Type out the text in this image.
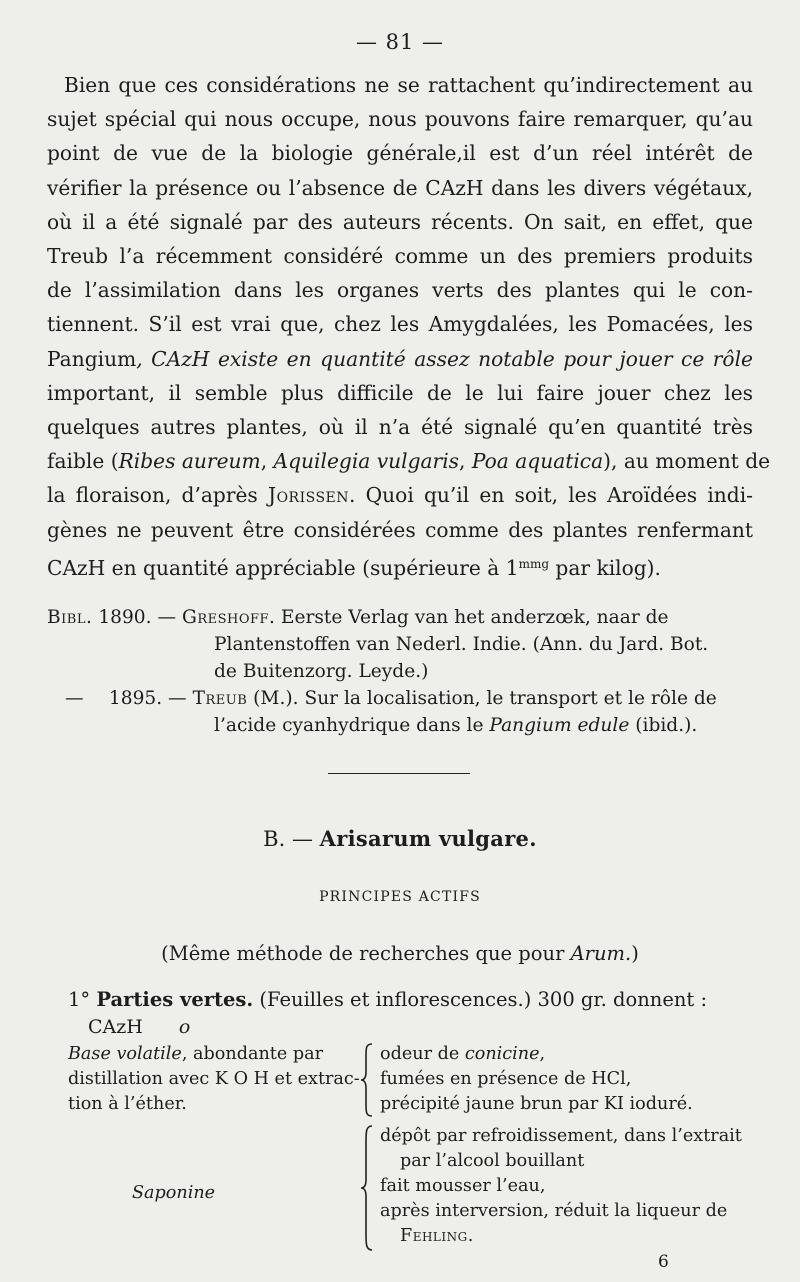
— 81 —
Bien que ces considérations ne se rattachent qu’indirectement au
sujet spécial qui nous occupe, nous pouvons faire remarquer, qu’au
point de vue de la biologie générale,il est d’un réel intérêt de
vérifier la présence ou l’absence de CAzH dans les divers végétaux,
où il a été signalé par des auteurs récents. On sait, en effet, que
Treub l’a récemment considéré comme un des premiers produits
de l’assimilation dans les organes verts des plantes qui le con-
tiennent. S’il est vrai que, chez les Amygdalées, les Pomacées, les
Pangium, CAzH existe en quantité assez notable pour jouer ce rôle
important, il semble plus difficile de le lui faire jouer chez les
quelques autres plantes, où il n’a été signalé qu’en quantité très
faible (Ribes aureum, Aquilegia vulgaris, Poa aquatica), au moment de
la floraison, d’après Jorissen. Quoi qu’il en soit, les Aroïdées indi-
gènes ne peuvent être considérées comme des plantes renfermant
CAzH en quantité appréciable (supérieure à $1^{mmg}$ par kilog).
Bibl. 1890. — Greshoff. Eerste Verlag van het anderzœk, naar de
Plantenstoffen van Nederl. Indie. (Ann. du Jard. Bot.
de Buitenzorg. Leyde.)
— 1895. — Treub (M.). Sur la localisation, le transport et le rôle de
l’acide cyanhydrique dans le Pangium edule (ibid.).
B. — Arisarum vulgare.
PRINCIPES ACTIFS
(Même méthode de recherches que pour Arum.)
1° Parties vertes. (Feuilles et inflorescences.) 300 gr. donnent :
CAzH o
Base volatile, abondante par
distillation avec K O H et extrac-
tion à l’éther.
odeur de conicine,
fumées en présence de HCl,
précipité jaune brun par KI ioduré.
Saponine
dépôt par refroidissement, dans l’extrait
par l’alcool bouillant
fait mousser l’eau,
après interversion, réduit la liqueur de
Fehling.
6
